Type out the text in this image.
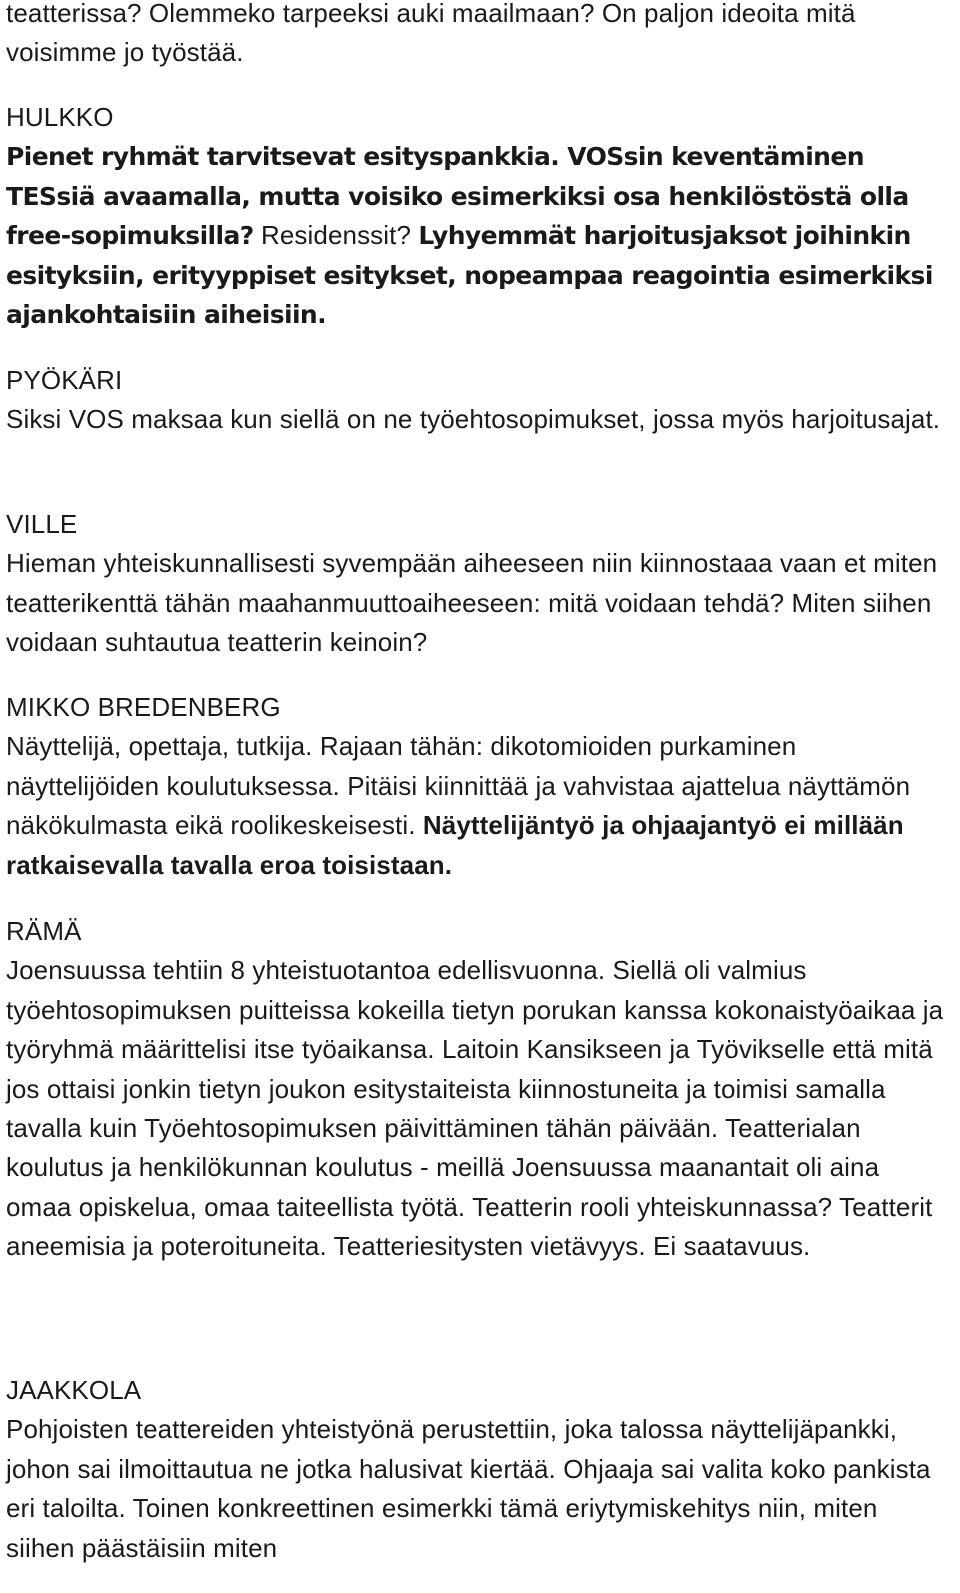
teatterissa? Olemmeko tarpeeksi auki maailmaan? On paljon ideoita mitä voisimme jo työstää.
HULKKO
Pienet ryhmät tarvitsevat esityspankkia. VOSsin keventäminen TESsiä avaamalla, mutta voisiko esimerkiksi osa henkilöstöstä olla free-sopimuksilla? Residenssit? Lyhyemmät harjoitusjaksot joihinkin esityksiin, erityyppiset esitykset, nopeampaa reagointia esimerkiksi ajankohtaisiin aiheisiin.
PYÖKÄRI
Siksi VOS maksaa kun siellä on ne työehtosopimukset, jossa myös harjoitusajat.
VILLE
Hieman yhteiskunnallisesti syvempään aiheeseen niin kiinnostaaa vaan et miten teatterikenttä tähän maahanmuuttoaiheeseen: mitä voidaan tehdä? Miten siihen voidaan suhtautua teatterin keinoin?
MIKKO BREDENBERG
Näyttelijä, opettaja, tutkija. Rajaan tähän: dikotomioiden purkaminen näyttelijöiden koulutuksessa. Pitäisi kiinnittää ja vahvistaa ajattelua näyttämön näkökulmasta eikä roolikeskeisesti. Näyttelijäntyö ja ohjaajantyö ei millään ratkaisevalla tavalla eroa toisistaan.
RÄMÄ
Joensuussa tehtiin 8 yhteistuotantoa edellisvuonna. Siellä oli valmius työehtosopimuksen puitteissa kokeilla tietyn porukan kanssa kokonaistyöaikaa ja työryhmä määrittelisi itse työaikansa. Laitoin Kansikseen ja Työvikselle että mitä jos ottaisi jonkin tietyn joukon esitystaiteista kiinnostuneita ja toimisi samalla tavalla kuin Työehtosopimuksen päivittäminen tähän päivään. Teatterialan koulutus ja henkilökunnan koulutus - meillä Joensuussa maanantait oli aina omaa opiskelua, omaa taiteellista työtä. Teatterin rooli yhteiskunnassa? Teatterit aneemisia ja poteroituneita. Teatteriesitysten vietävyys. Ei saatavuus.
JAAKKOLA
Pohjoisten teattereiden yhteistyönä perustettiin, joka talossa näyttelijäpankki, johon sai ilmoittautua ne jotka halusivat kiertää. Ohjaaja sai valita koko pankista eri taloilta. Toinen konkreettinen esimerkki tämä eriytymiskehitys niin, miten siihen päästäisiin miten
